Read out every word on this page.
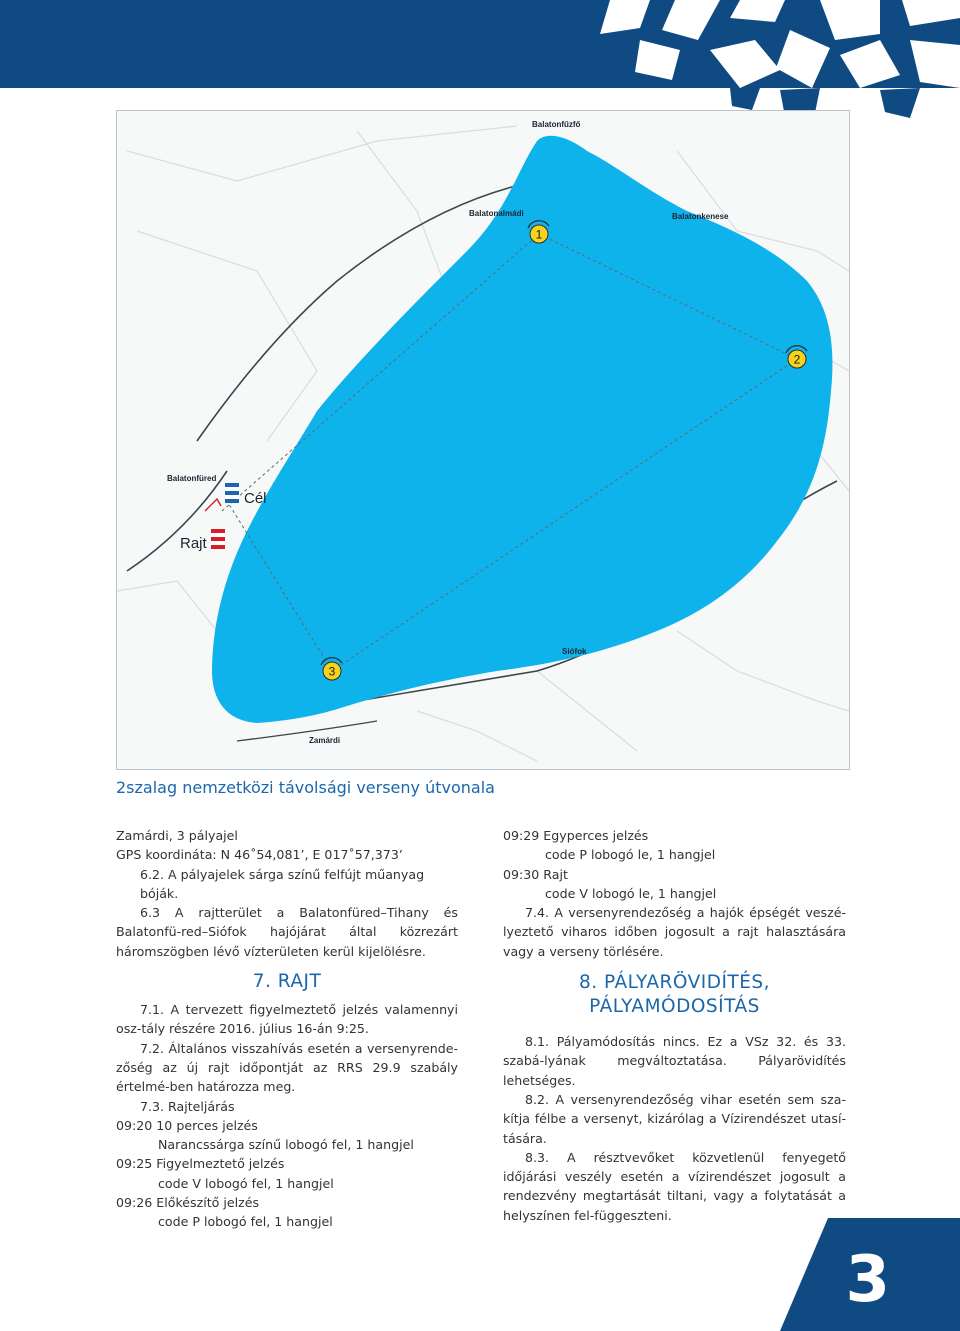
Balatonfűzfő
Balatonalmádi	Balatonkenese
Balatonfüred
Siófok
Zamárdi
Cél
Rajt
1
2
3
2szalag nemzetközi távolsági verseny útvonala

Zamárdi, 3 pályajel

GPS koordináta: N 46˚54,081’, E 017˚57,373’

6.2. A pályajelek sárga színű felfújt műanyag bóják.

6.3 A rajtterület a Balatonfüred–Tihany és Balatonfü-red–Siófok hajójárat által közrezárt háromszögben lévő vízterületen kerül kijelölésre.

7. RAJT

7.1. A tervezett figyelmeztető jelzés valamennyi osz-tály részére 2016. július 16-án 9:25.

7.2. Általános visszahívás esetén a versenyrende-zőség az új rajt időpontját az RRS 29.9 szabály értelmé-ben határozza meg.

7.3. Rajteljárás

09:20 10 perces jelzés

Narancssárga színű lobogó fel, 1 hangjel

09:25 Figyelmeztető jelzés

code V lobogó fel, 1 hangjel

09:26 Előkészítő jelzés

code P lobogó fel, 1 hangjel

09:29 Egyperces jelzés

code P lobogó le, 1 hangjel

09:30 Rajt

code V lobogó le, 1 hangjel

7.4. A versenyrendezőség a hajók épségét veszé-lyeztető viharos időben jogosult a rajt halasztására vagy a verseny törlésére.

8. PÁLYARÖVIDÍTÉS,
PÁLYAMÓDOSÍTÁS

8.1. Pályamódosítás nincs. Ez a VSz 32. és 33. szabá-lyának megváltoztatása. Pályarövidítés lehetséges.

8.2. A versenyrendezőség vihar esetén sem sza-kítja félbe a versenyt, kizárólag a Vízirendészet utasí-tására.

8.3. A résztvevőket közvetlenül fenyegető időjárási veszély esetén a vízirendészet jogosult a rendezvény megtartását tiltani, vagy a folytatását a helyszínen fel-függeszteni.

3
